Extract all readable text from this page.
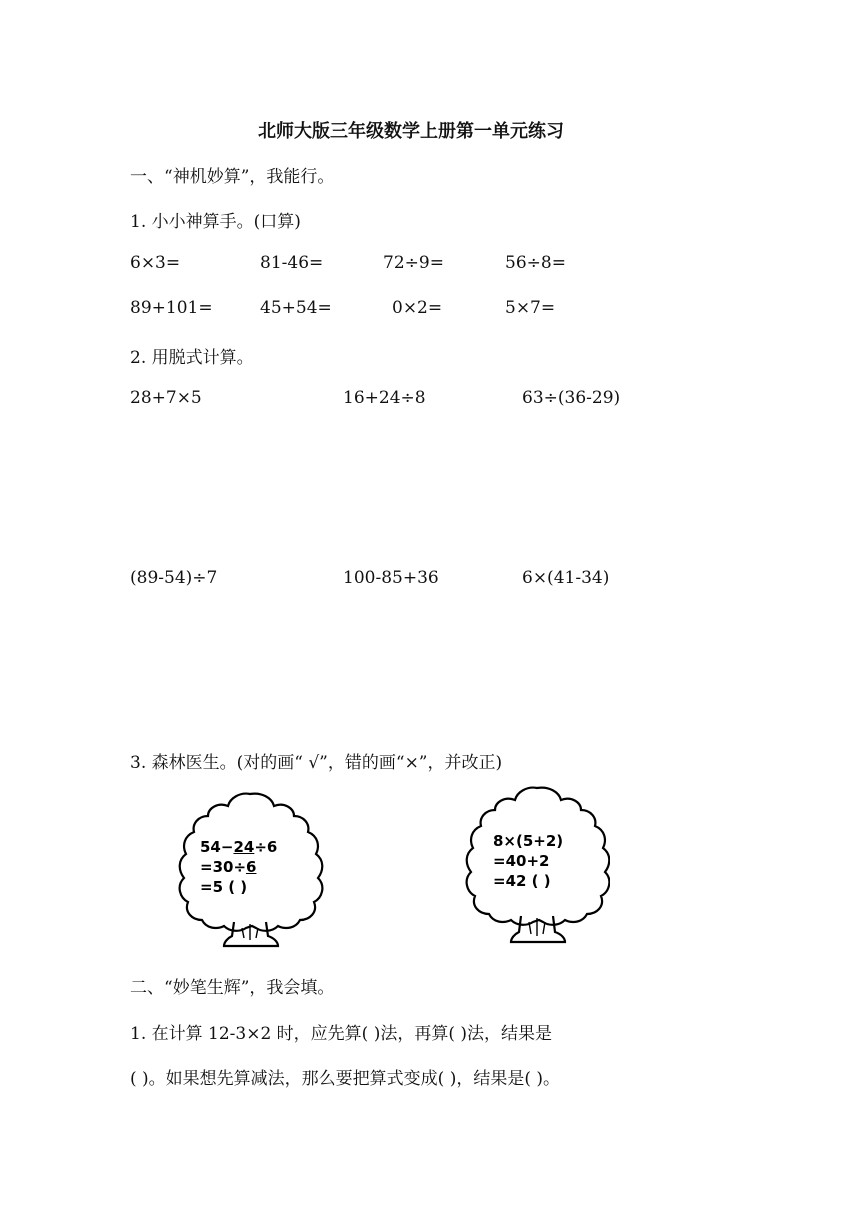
北师大版三年级数学上册第一单元练习
一、“神机妙算”，我能行。
1. 小小神算手。(口算)
6×3=	81-46=	72÷9=	56÷8=
89+101=	45+54=	0×2=	5×7=
2. 用脱式计算。
28+7×5	16+24÷8	63÷(36-29)
(89-54)÷7	100-85+36	6×(41-34)
3. 森林医生。(对的画“ √”，错的画“×”，并改正)
54−24÷6
=30÷6
=5 ( )
8×(5+2)
=40+2
=42 ( )
二、“妙笔生辉”，我会填。
1. 在计算 12-3×2 时，应先算( )法，再算( )法，结果是
( )。如果想先算减法，那么要把算式变成( )，结果是( )。
